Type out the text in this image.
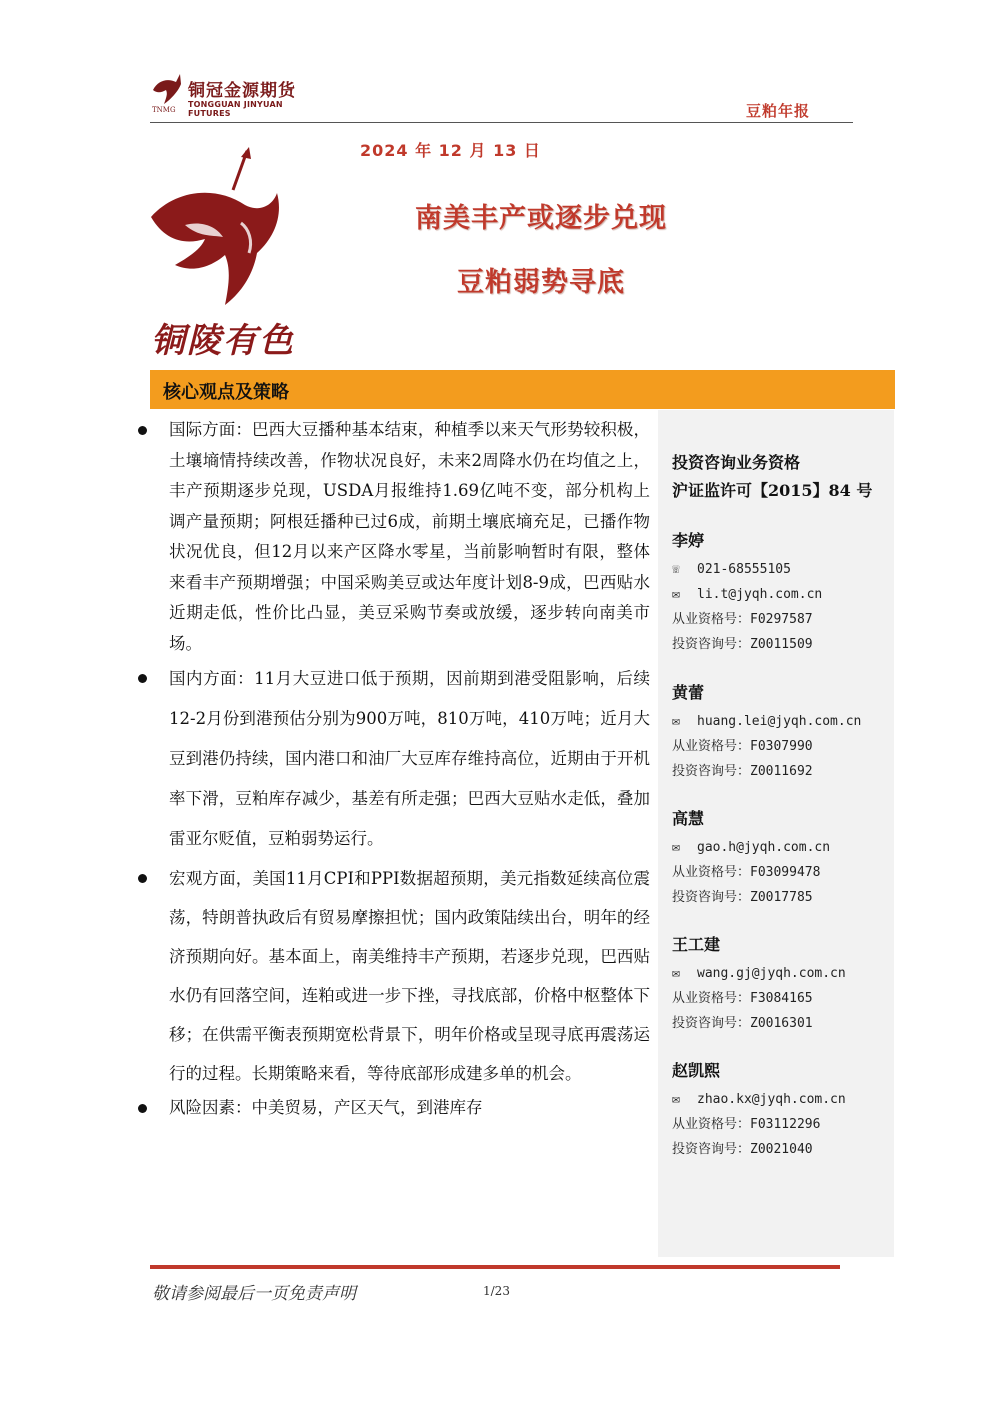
铜冠金源期货
TONGGUAN JINYUAN FUTURES
TNMG	豆粕年报
2024 年 12 月 13 日
铜陵有色
南美丰产或逐步兑现
豆粕弱势寻底
核心观点及策略

国际方面：巴西大豆播种基本结束，种植季以来天气形势较积极，土壤墒情持续改善，作物状况良好，未来2周降水仍在均值之上，丰产预期逐步兑现，USDA月报维持1.69亿吨不变，部分机构上调产量预期；阿根廷播种已过6成，前期土壤底墒充足，已播作物状况优良，但12月以来产区降水零星，当前影响暂时有限，整体来看丰产预期增强；中国采购美豆或达年度计划8-9成，巴西贴水近期走低，性价比凸显，美豆采购节奏或放缓，逐步转向南美市场。

国内方面：11月大豆进口低于预期，因前期到港受阻影响，后续12-2月份到港预估分别为900万吨，810万吨，410万吨；近月大豆到港仍持续，国内港口和油厂大豆库存维持高位，近期由于开机率下滑，豆粕库存减少，基差有所走强；巴西大豆贴水走低，叠加雷亚尔贬值，豆粕弱势运行。

宏观方面，美国11月CPI和PPI数据超预期，美元指数延续高位震荡，特朗普执政后有贸易摩擦担忧；国内政策陆续出台，明年的经济预期向好。基本面上，南美维持丰产预期，若逐步兑现，巴西贴水仍有回落空间，连粕或进一步下挫，寻找底部，价格中枢整体下移；在供需平衡表预期宽松背景下，明年价格或呈现寻底再震荡运行的过程。长期策略来看，等待底部形成建多单的机会。

风险因素：中美贸易，产区天气，到港库存

投资咨询业务资格
沪证监许可【2015】84 号
李婷
☏ 021-68555105
✉ li.t@jyqh.com.cn
从业资格号：F0297587
投资咨询号：Z0011509
黄蕾
✉ huang.lei@jyqh.com.cn
从业资格号：F0307990
投资咨询号：Z0011692
高慧
✉ gao.h@jyqh.com.cn
从业资格号：F03099478
投资咨询号：Z0017785
王工建
✉ wang.gj@jyqh.com.cn
从业资格号：F3084165
投资咨询号：Z0016301
赵凯熙
✉ zhao.kx@jyqh.com.cn
从业资格号：F03112296
投资咨询号：Z0021040
敬请参阅最后一页免责声明	1/23
